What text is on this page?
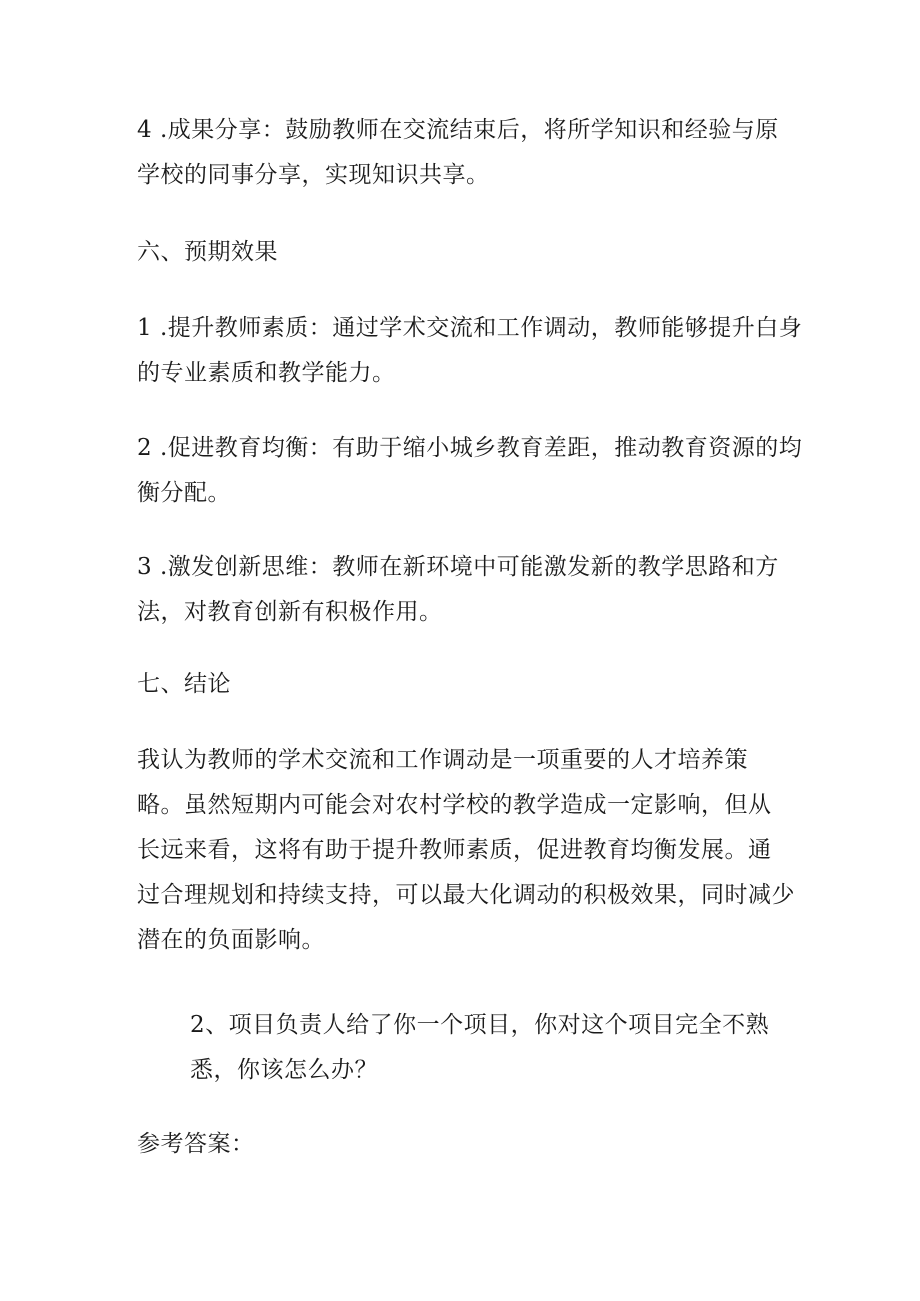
4 .成果分享：鼓励教师在交流结束后，将所学知识和经验与原
学校的同事分享，实现知识共享。
六、预期效果
1 .提升教师素质：通过学术交流和工作调动，教师能够提升白身
的专业素质和教学能力。
2 .促进教育均衡：有助于缩小城乡教育差距，推动教育资源的均
衡分配。
3 .激发创新思维：教师在新环境中可能激发新的教学思路和方
法，对教育创新有积极作用。
七、结论
我认为教师的学术交流和工作调动是一项重要的人才培养策
略。虽然短期内可能会对农村学校的教学造成一定影响，但从
长远来看，这将有助于提升教师素质，促进教育均衡发展。通
过合理规划和持续支持，可以最大化调动的积极效果，同时减少
潜在的负面影响。
2、项目负责人给了你一个项目，你对这个项目完全不熟
悉，你该怎么办？
参考答案：
